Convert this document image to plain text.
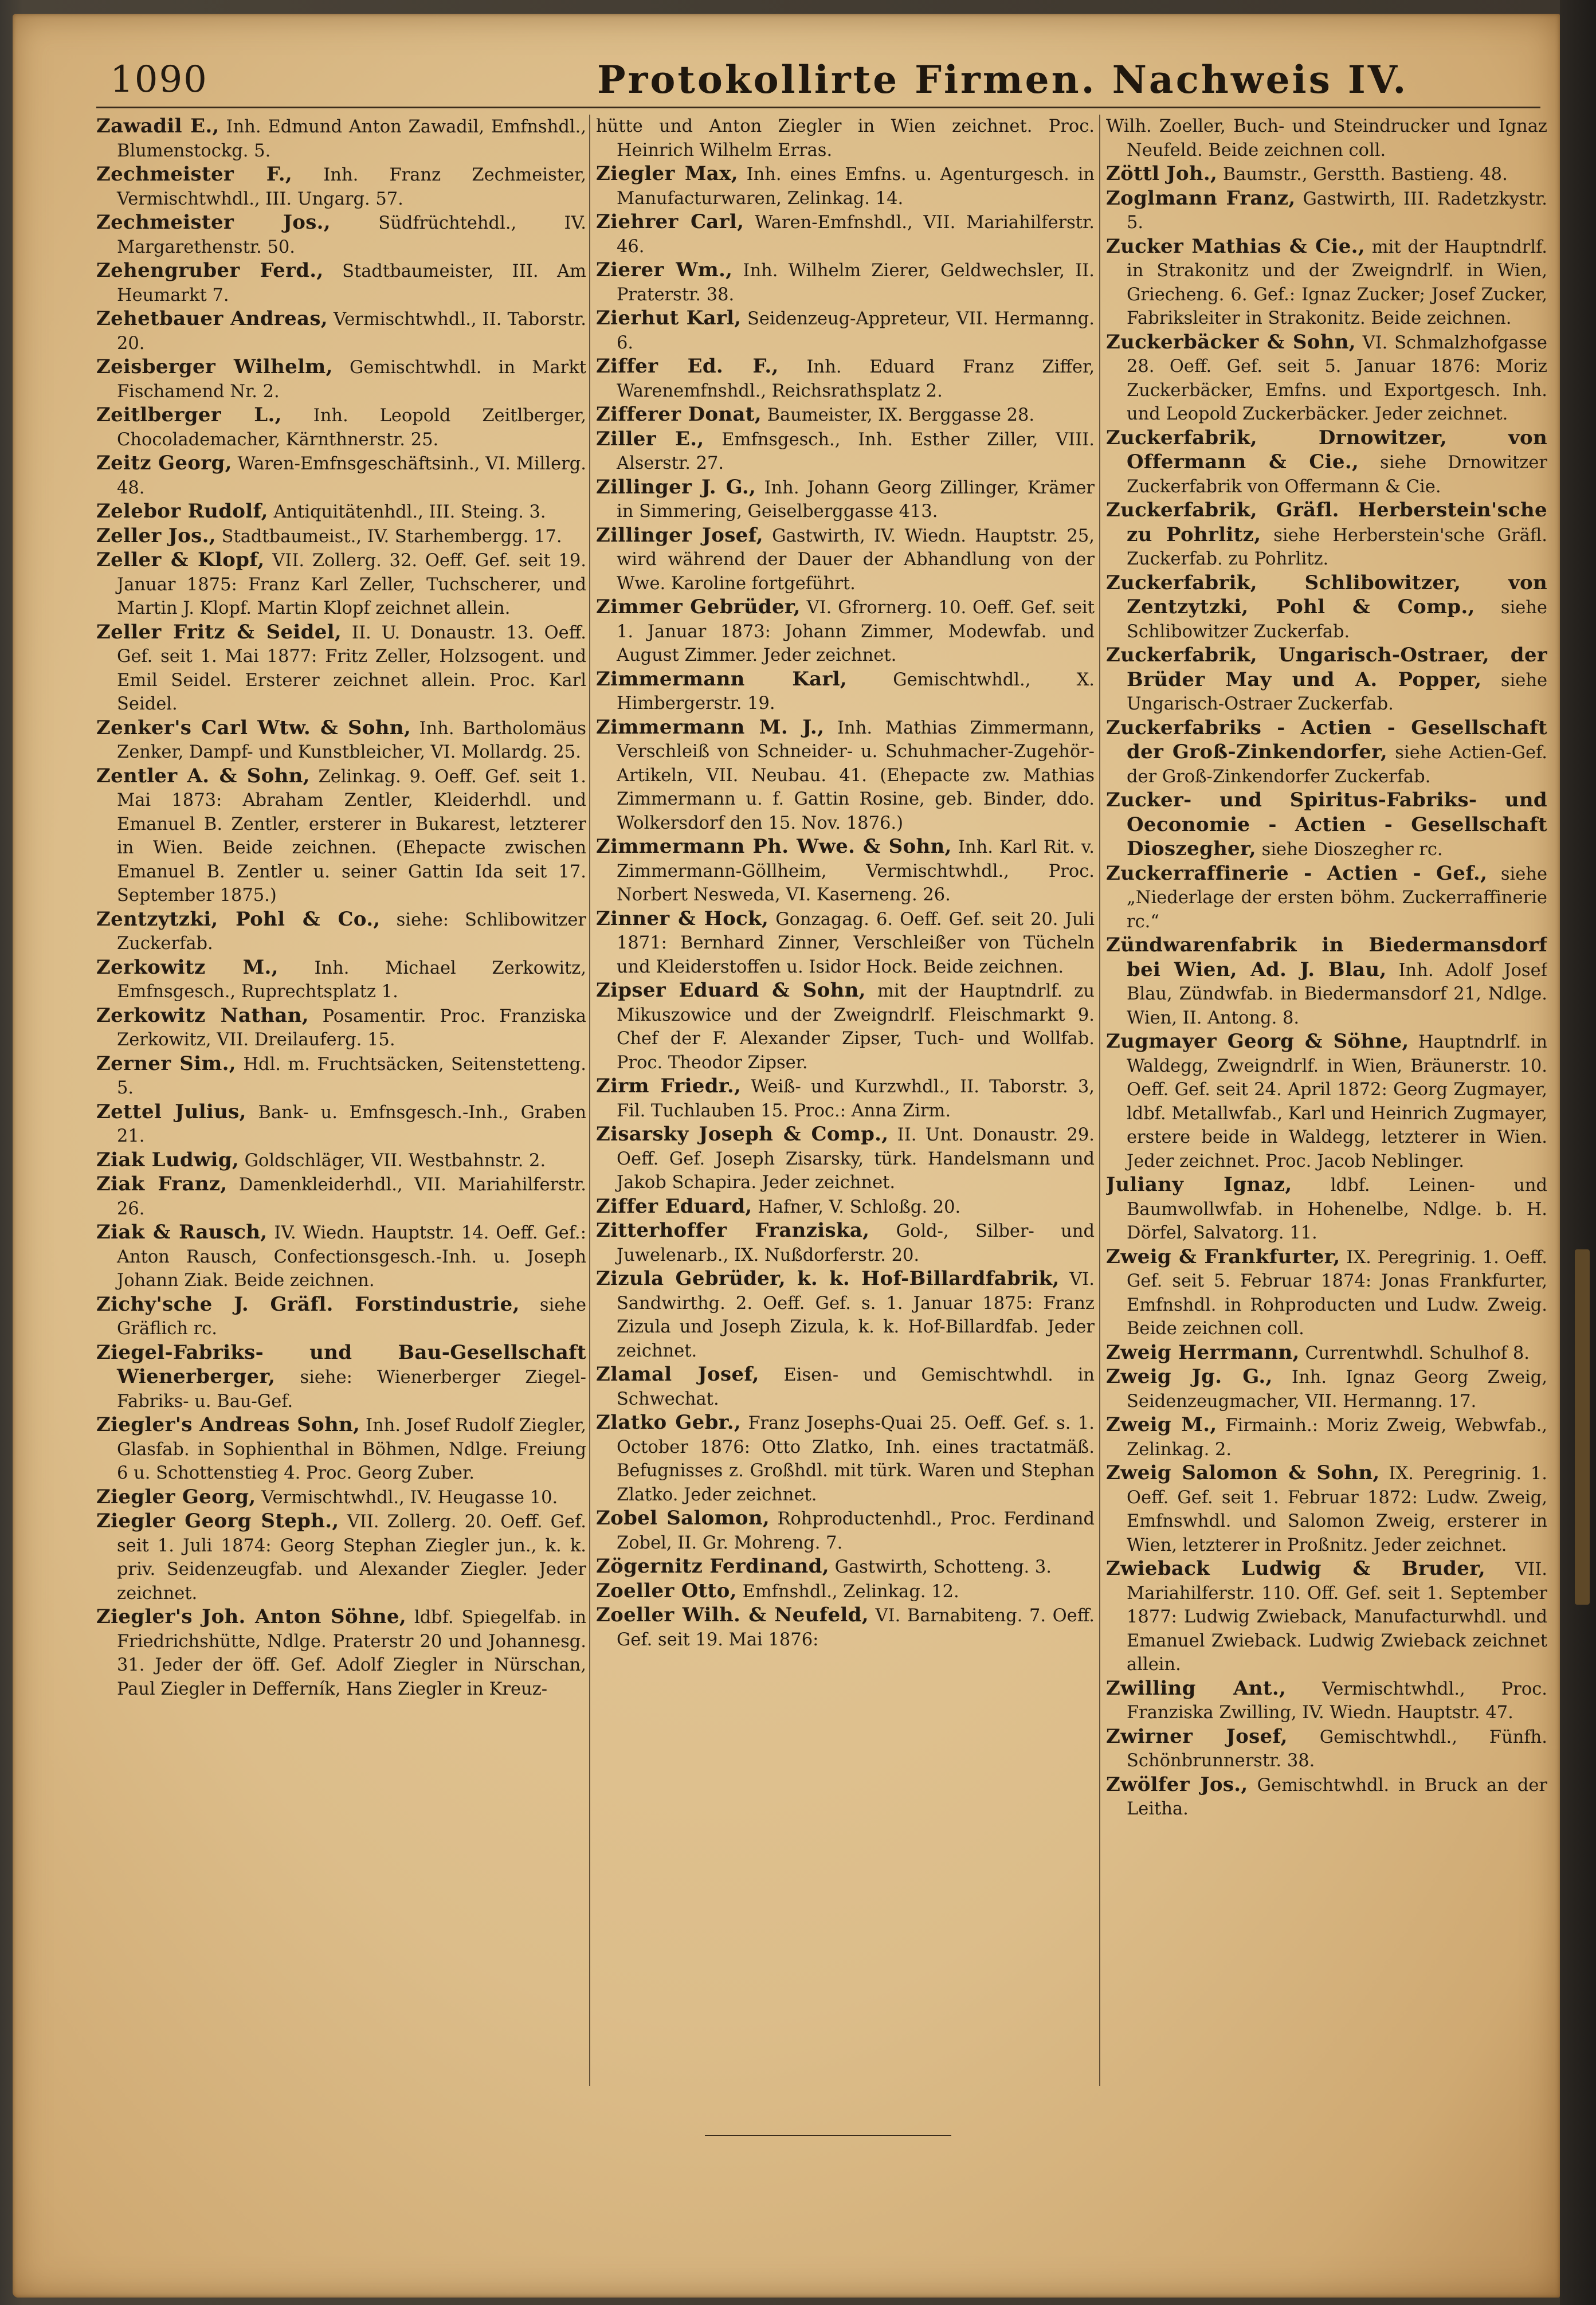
1090	Protokollirte Firmen. Nachweis IV.

Zawadil E., Inh. Edmund Anton Zawadil, Emfnshdl., Blumenstockg. 5.

Zechmeister F., Inh. Franz Zechmeister, Vermischtwhdl., III. Ungarg. 57.

Zechmeister Jos.,	Südfrüchtehdl., IV. Margarethenstr. 50.

Zehengruber Ferd., Stadtbaumeister, III. Am Heumarkt 7.

Zehetbauer Andreas, Vermischtwhdl., II. Taborstr. 20.

Zeisberger Wilhelm, Gemischtwhdl. in Markt Fischamend Nr. 2.

Zeitlberger L., Inh. Leopold Zeitlberger, Chocolademacher, Kärnthnerstr. 25.

Zeitz Georg, Waren-Emfnsgeschäftsinh., VI. Millerg. 48.

Zelebor Rudolf, Antiquitätenhdl., III. Steing. 3.

Zeller Jos., Stadtbaumeist., IV. Starhembergg. 17.

Zeller & Klopf, VII. Zollerg. 32. Oeff. Gef. seit 19. Januar 1875: Franz Karl Zeller, Tuchscherer, und Martin J. Klopf. Martin Klopf zeichnet allein.

Zeller Fritz & Seidel, II. U. Donaustr. 13. Oeff. Gef. seit 1. Mai 1877: Fritz Zeller, Holzsogent. und Emil Seidel. Ersterer zeichnet allein. Proc. Karl Seidel.

Zenker's Carl Wtw. & Sohn, Inh. Bartholomäus Zenker, Dampf- und Kunstbleicher, VI. Mollardg. 25.

Zentler A. & Sohn, Zelinkag. 9. Oeff. Gef. seit 1. Mai 1873: Abraham Zentler, Kleiderhdl. und Emanuel B. Zentler, ersterer in Bukarest, letzterer in Wien. Beide zeichnen. (Ehepacte zwischen Emanuel B. Zentler u. seiner Gattin Ida seit 17. September 1875.)

Zentzytzki, Pohl & Co., siehe: Schlibowitzer Zuckerfab.

Zerkowitz M., Inh. Michael Zerkowitz, Emfnsgesch., Ruprechtsplatz 1.

Zerkowitz Nathan, Posamentir. Proc. Franziska Zerkowitz, VII. Dreilauferg. 15.

Zerner Sim., Hdl. m. Fruchtsäcken, Seitenstetteng. 5.

Zettel Julius, Bank- u. Emfnsgesch.-Inh., Graben 21.

Ziak Ludwig, Goldschläger, VII. Westbahnstr. 2.

Ziak Franz, Damenkleiderhdl., VII. Mariahilferstr. 26.

Ziak & Rausch, IV. Wiedn. Hauptstr. 14. Oeff. Gef.: Anton Rausch, Confectionsgesch.-Inh. u. Joseph Johann Ziak. Beide zeichnen.

Zichy'sche J. Gräfl. Forstindustrie, siehe Gräflich rc.

Ziegel-Fabriks- und Bau-Gesellschaft Wienerberger, siehe: Wienerberger Ziegel-Fabriks- u. Bau-Gef.

Ziegler's Andreas Sohn, Inh. Josef Rudolf Ziegler, Glasfab. in Sophienthal in Böhmen, Ndlge. Freiung 6 u. Schottenstieg 4. Proc. Georg Zuber.

Ziegler Georg, Vermischtwhdl., IV. Heugasse 10.

Ziegler Georg Steph., VII. Zollerg. 20. Oeff. Gef. seit 1. Juli 1874: Georg Stephan Ziegler jun., k. k. priv. Seidenzeugfab. und Alexander Ziegler. Jeder zeichnet.

Ziegler's Joh. Anton Söhne, ldbf. Spiegelfab. in Friedrichshütte, Ndlge. Praterstr 20 und Johannesg. 31. Jeder der öff. Gef. Adolf Ziegler in Nürschan, Paul Ziegler in Defferník, Hans Ziegler in Kreuz-

hütte und Anton Ziegler in Wien zeichnet. Proc. Heinrich Wilhelm Erras.

Ziegler Max, Inh. eines Emfns. u. Agenturgesch. in Manufacturwaren, Zelinkag. 14.

Ziehrer Carl, Waren-Emfnshdl., VII. Mariahilferstr. 46.

Zierer Wm., Inh. Wilhelm Zierer, Geldwechsler, II. Praterstr. 38.

Zierhut Karl, Seidenzeug-Appreteur, VII. Hermanng. 6.

Ziffer Ed. F., Inh. Eduard Franz Ziffer, Warenemfnshdl., Reichsrathsplatz 2.

Zifferer Donat, Baumeister, IX. Berggasse 28.

Ziller E., Emfnsgesch., Inh. Esther Ziller, VIII. Alserstr. 27.

Zillinger J. G., Inh. Johann Georg Zillinger, Krämer in Simmering, Geiselberggasse 413.

Zillinger Josef, Gastwirth, IV. Wiedn. Hauptstr. 25, wird während der Dauer der Abhandlung von der Wwe. Karoline fortgeführt.

Zimmer Gebrüder, VI. Gfrornerg. 10. Oeff. Gef. seit 1. Januar 1873: Johann Zimmer, Modewfab. und August Zimmer. Jeder zeichnet.

Zimmermann Karl,	Gemischtwhdl., X. Himbergerstr. 19.

Zimmermann M. J., Inh. Mathias Zimmermann, Verschleiß von Schneider- u. Schuhmacher-Zugehör-Artikeln, VII. Neubau. 41. (Ehepacte zw. Mathias Zimmermann u. f. Gattin Rosine, geb. Binder, ddo. Wolkersdorf den 15. Nov. 1876.)

Zimmermann Ph. Wwe. & Sohn, Inh. Karl Rit. v. Zimmermann-Göllheim, Vermischtwhdl., Proc. Norbert Nesweda, VI. Kaserneng. 26.

Zinner & Hock, Gonzagag. 6. Oeff. Gef. seit 20. Juli 1871: Bernhard Zinner, Verschleißer von Tücheln und Kleiderstoffen u. Isidor Hock. Beide zeichnen.

Zipser Eduard & Sohn, mit der Hauptndrlf. zu Mikuszowice und der Zweigndrlf. Fleischmarkt 9. Chef der F. Alexander Zipser, Tuch- und Wollfab. Proc. Theodor Zipser.

Zirm Friedr., Weiß- und Kurzwhdl., II. Taborstr. 3, Fil. Tuchlauben 15. Proc.: Anna Zirm.

Zisarsky Joseph & Comp., II. Unt. Donaustr. 29. Oeff. Gef. Joseph Zisarsky, türk. Handelsmann und Jakob Schapira. Jeder zeichnet.

Ziffer Eduard, Hafner, V. Schloßg. 20.

Zitterhoffer Franziska, Gold-, Silber- und Juwelenarb., IX. Nußdorferstr. 20.

Zizula Gebrüder, k. k. Hof-Billardfabrik, VI. Sandwirthg. 2. Oeff. Gef. s. 1. Januar 1875: Franz Zizula und Joseph Zizula, k. k. Hof-Billardfab. Jeder zeichnet.

Zlamal Josef, Eisen- und Gemischtwhdl. in Schwechat.

Zlatko Gebr., Franz Josephs-Quai 25. Oeff. Gef. s. 1. October 1876: Otto Zlatko, Inh. eines tractatmäß. Befugnisses z. Großhdl. mit türk. Waren und Stephan Zlatko. Jeder zeichnet.

Zobel Salomon, Rohproductenhdl., Proc. Ferdinand Zobel, II. Gr. Mohreng. 7.

Zögernitz Ferdinand, Gastwirth, Schotteng. 3.

Zoeller Otto, Emfnshdl., Zelinkag. 12.

Zoeller Wilh. & Neufeld, VI. Barnabiteng. 7. Oeff. Gef. seit 19. Mai 1876:

Wilh. Zoeller, Buch- und Steindrucker und Ignaz Neufeld. Beide zeichnen coll.

Zöttl Joh., Baumstr., Gerstth. Bastieng. 48.

Zoglmann Franz, Gastwirth, III. Radetzkystr. 5.

Zucker Mathias & Cie., mit der Hauptndrlf. in Strakonitz und der Zweigndrlf. in Wien, Griecheng. 6. Gef.: Ignaz Zucker; Josef Zucker, Fabriksleiter in Strakonitz. Beide zeichnen.

Zuckerbäcker & Sohn, VI. Schmalzhofgasse 28. Oeff. Gef. seit 5. Januar 1876: Moriz Zuckerbäcker, Emfns. und Exportgesch. Inh. und Leopold Zuckerbäcker. Jeder zeichnet.

Zuckerfabrik, Drnowitzer, von Offermann & Cie., siehe Drnowitzer Zuckerfabrik von Offermann & Cie.

Zuckerfabrik, Gräfl. Herberstein'sche zu Pohrlitz, siehe Herberstein'sche Gräfl. Zuckerfab. zu Pohrlitz.

Zuckerfabrik, Schlibowitzer, von Zentzytzki, Pohl & Comp., siehe Schlibowitzer Zuckerfab.

Zuckerfabrik, Ungarisch-Ostraer, der Brüder May und A. Popper, siehe Ungarisch-Ostraer Zuckerfab.

Zuckerfabriks - Actien - Gesellschaft der Groß-Zinkendorfer, siehe Actien-Gef. der Groß-Zinkendorfer Zuckerfab.

Zucker- und Spiritus-Fabriks- und Oeconomie - Actien - Gesellschaft Dioszegher, siehe Dioszegher rc.

Zuckerraffinerie - Actien - Gef., siehe „Niederlage der ersten böhm. Zuckerraffinerie rc.“

Zündwarenfabrik in Biedermansdorf bei Wien, Ad. J. Blau, Inh. Adolf Josef Blau, Zündwfab. in Biedermansdorf 21, Ndlge. Wien, II. Antong. 8.

Zugmayer Georg & Söhne, Hauptndrlf. in Waldegg, Zweigndrlf. in Wien, Bräunerstr. 10. Oeff. Gef. seit 24. April 1872: Georg Zugmayer, ldbf. Metallwfab., Karl und Heinrich Zugmayer, erstere beide in Waldegg, letzterer in Wien. Jeder zeichnet. Proc. Jacob Neblinger.

Juliany Ignaz, ldbf. Leinen- und Baumwollwfab. in Hohenelbe, Ndlge. b. H. Dörfel, Salvatorg. 11.

Zweig & Frankfurter, IX. Peregrinig. 1. Oeff. Gef. seit 5. Februar 1874: Jonas Frankfurter, Emfnshdl. in Rohproducten und Ludw. Zweig. Beide zeichnen coll.

Zweig Herrmann, Currentwhdl. Schulhof 8.

Zweig Jg. G., Inh. Ignaz Georg Zweig, Seidenzeugmacher, VII. Hermanng. 17.

Zweig M., Firmainh.: Moriz Zweig, Webwfab., Zelinkag. 2.

Zweig Salomon & Sohn, IX. Peregrinig. 1. Oeff. Gef. seit 1. Februar 1872: Ludw. Zweig, Emfnswhdl. und Salomon Zweig, ersterer in Wien, letzterer in Proßnitz. Jeder zeichnet.

Zwieback Ludwig & Bruder, VII. Mariahilferstr. 110. Off. Gef. seit 1. September 1877: Ludwig Zwieback, Manufacturwhdl. und Emanuel Zwieback. Ludwig Zwieback zeichnet allein.

Zwilling Ant., Vermischtwhdl., Proc. Franziska Zwilling, IV. Wiedn. Hauptstr. 47.

Zwirner Josef, Gemischtwhdl., Fünfh. Schönbrunnerstr. 38.

Zwölfer Jos., Gemischtwhdl. in Bruck an der Leitha.
